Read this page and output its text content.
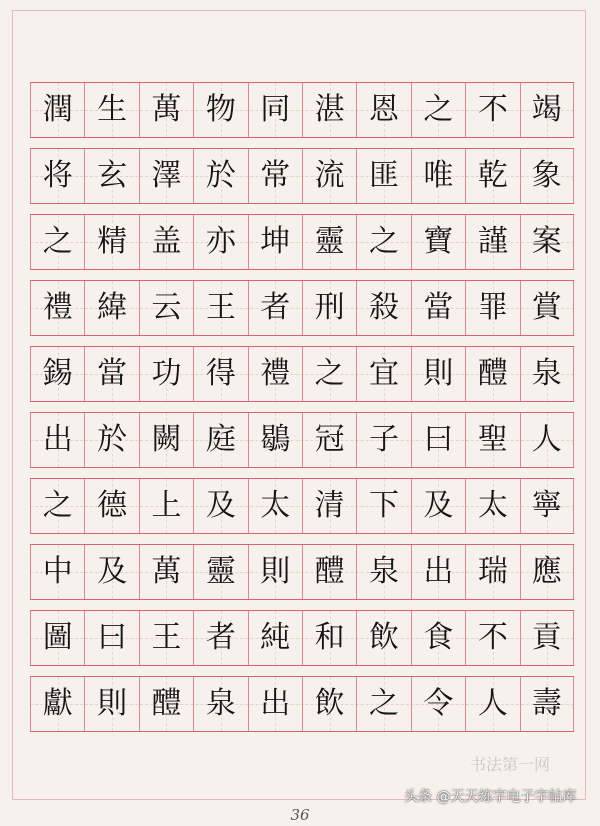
潤 生 萬 物 同 湛 恩 之 不 竭
将 玄 澤 於 常 流 匪 唯 乾 象
之 精 盖 亦 坤 靈 之 寶 謹 案
禮 緯 云 王 者 刑 殺 當 罪 賞
錫 當 功 得 禮 之 宜 則 醴 泉
出 於 闕 庭 鶡 冠 子 曰 聖 人
之 德 上 及 太 清 下 及 太 寧
中 及 萬 靈 則 醴 泉 出 瑞 應
圖 曰 王 者 純 和 飲 食 不 貢
獻 則 醴 泉 出 飲 之 令 人 壽
书法第一网
36
头条 @天天练字电子字帖库
